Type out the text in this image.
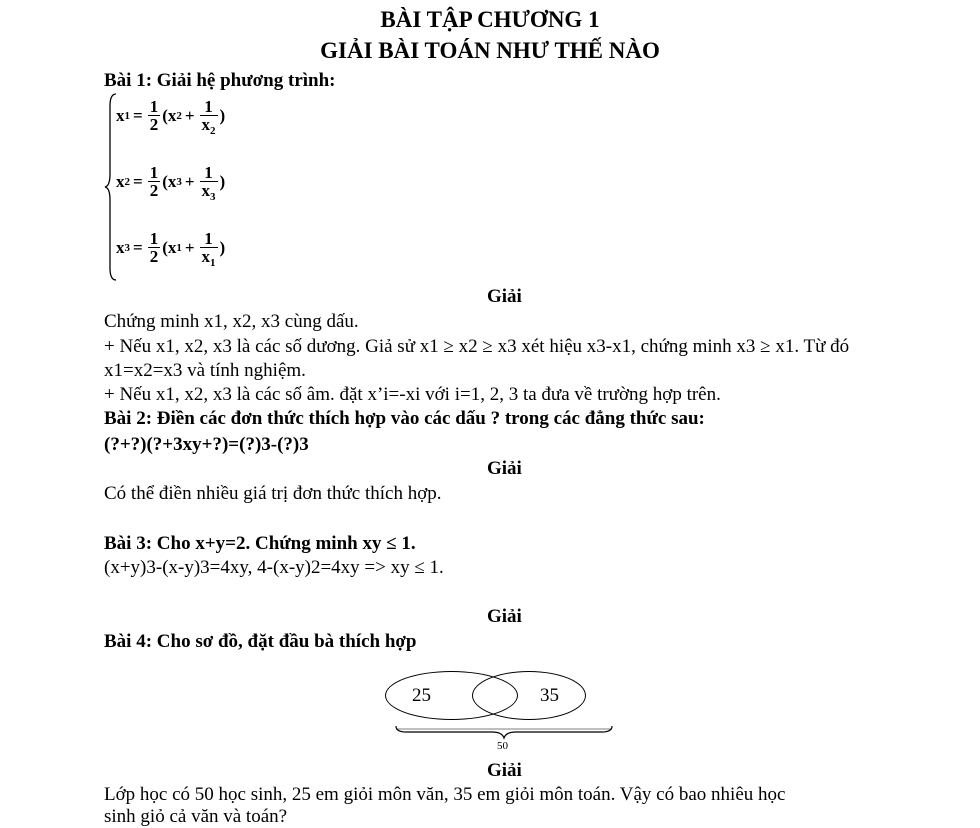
BÀI TẬP CHƯƠNG 1
GIẢI BÀI TOÁN NHƯ THẾ NÀO
Bài 1: Giải hệ phương trình:
x $1 = \frac{1}{2}$ ( x $2 + \frac{1}{x_2}$ )
x $2 = \frac{1}{2}$ ( x $3 + \frac{1}{x_3}$ )
x $3 = \frac{1}{2}$ ( x $1 + \frac{1}{x_1}$ )
Giải
Chứng minh x1, x2, x3 cùng dấu.
+ Nếu x1, x2, x3 là các số dương. Giả sử x1 ≥ x2 ≥ x3 xét hiệu x3-x1, chứng minh x3 ≥ x1. Từ đó
x1=x2=x3 và tính nghiệm.
+ Nếu x1, x2, x3 là các số âm. đặt x’i=-xi với i=1, 2, 3 ta đưa về trường hợp trên.
Bài 2: Điền các đơn thức thích hợp vào các dấu ? trong các đẳng thức sau:
(?+?)(?+3xy+?)=(?)3-(?)3
Giải
Có thể điền nhiều giá trị đơn thức thích hợp.
Bài 3: Cho x+y=2. Chứng minh xy ≤ 1.
(x+y)3-(x-y)3=4xy, 4-(x-y)2=4xy => xy ≤ 1.
Giải
Bài 4: Cho sơ đồ, đặt đầu bà thích hợp
25	35
50
Giải
Lớp học có 50 học sinh, 25 em giỏi môn văn, 35 em giỏi môn toán. Vậy có bao nhiêu học
sinh giỏ cả văn và toán?
